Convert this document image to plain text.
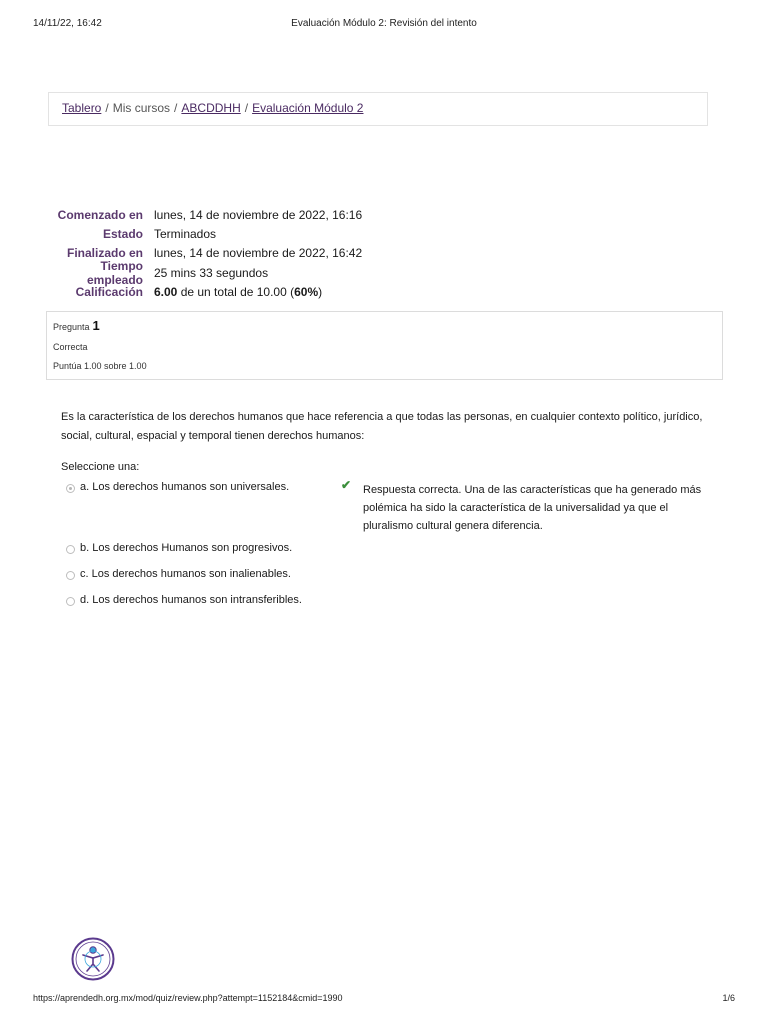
14/11/22, 16:42	Evaluación Módulo 2: Revisión del intento
Tablero / Mis cursos / ABCDDHH / Evaluación Módulo 2
Comenzado en lunes, 14 de noviembre de 2022, 16:16
Estado Terminados
Finalizado en lunes, 14 de noviembre de 2022, 16:42
Tiempo empleado
25 mins 33 segundos
Calificación 6.00 de un total de 10.00 (60%)
Pregunta 1
Correcta
Puntúa 1.00 sobre 1.00
Es la característica de los derechos humanos que hace referencia a que todas las personas, en cualquier contexto político, jurídico, social, cultural, espacial y temporal tienen derechos humanos:
Seleccione una:
a. Los derechos humanos son universales.	✔ Respuesta correcta. Una de las características que ha generado más polémica ha sido la característica de la universalidad ya que el pluralismo cultural genera diferencia.
b. Los derechos Humanos son progresivos.
c. Los derechos humanos son inalienables.
d. Los derechos humanos son intransferibles.
https://aprendedh.org.mx/mod/quiz/review.php?attempt=1152184&cmid=1990	1/6
